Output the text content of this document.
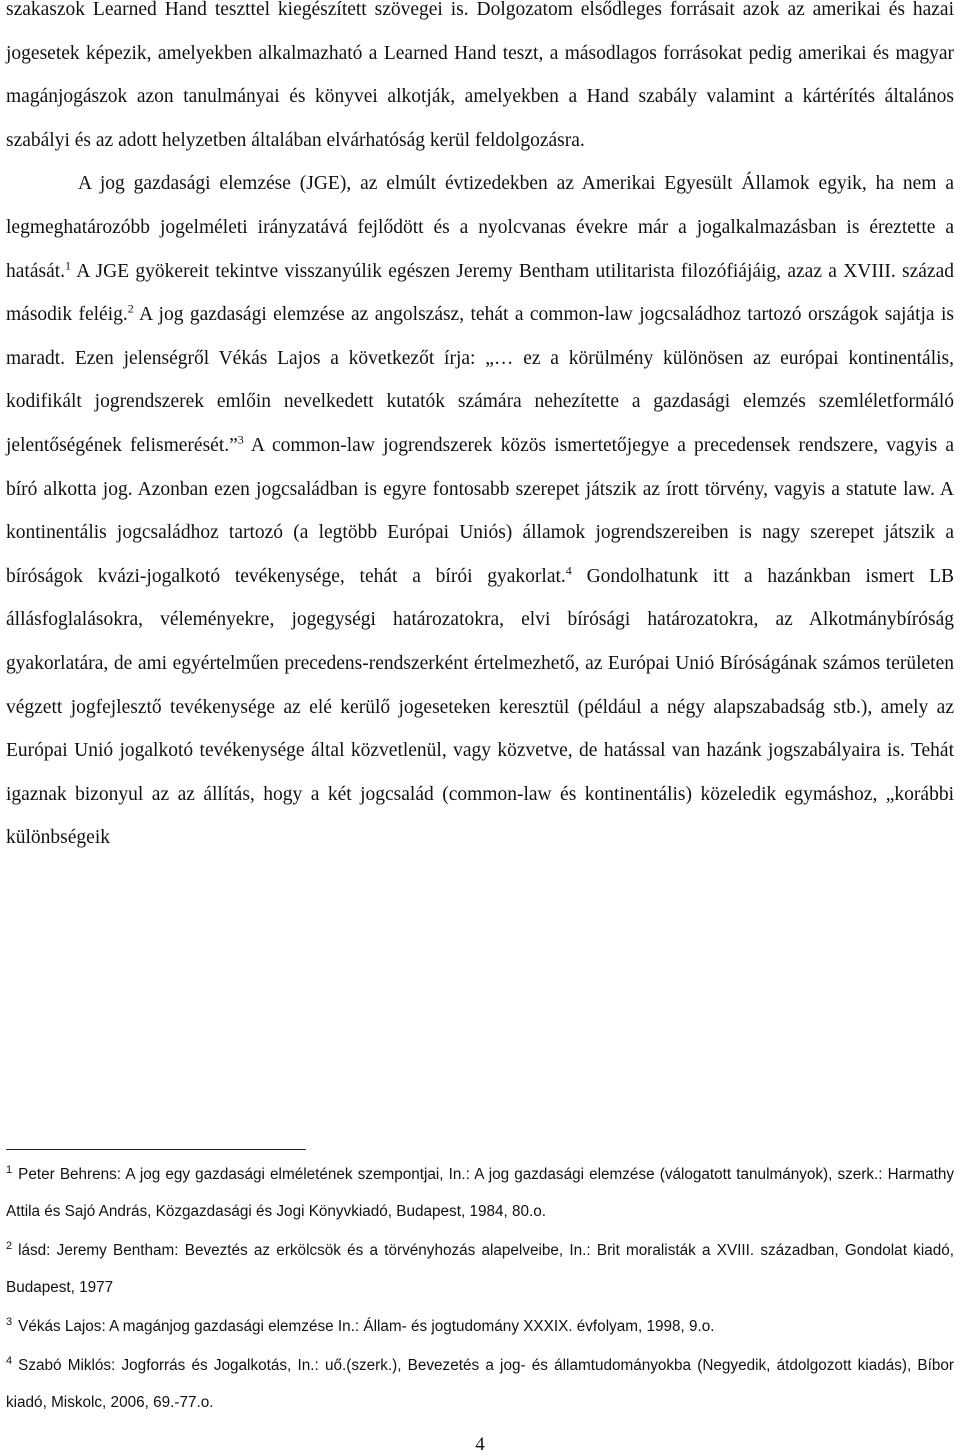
szakaszok Learned Hand teszttel kiegészített szövegei is. Dolgozatom elsődleges forrásait azok az amerikai és hazai jogesetek képezik, amelyekben alkalmazható a Learned Hand teszt, a másodlagos forrásokat pedig amerikai és magyar magánjogászok azon tanulmányai és könyvei alkotják, amelyekben a Hand szabály valamint a kártérítés általános szabályi és az adott helyzetben általában elvárhatóság kerül feldolgozásra.

A jog gazdasági elemzése (JGE), az elmúlt évtizedekben az Amerikai Egyesült Államok egyik, ha nem a legmeghatározóbb jogelméleti irányzatává fejlődött és a nyolcvanas évekre már a jogalkalmazásban is éreztette a hatását.$^1$ A JGE gyökereit tekintve visszanyúlik egészen Jeremy Bentham utilitarista filozófiájáig, azaz a XVIII. század második feléig.$^2$ A jog gazdasági elemzése az angolszász, tehát a common-law jogcsaládhoz tartozó országok sajátja is maradt. Ezen jelenségről Vékás Lajos a következőt írja: „… ez a körülmény különösen az európai kontinentális, kodifikált jogrendszerek emlőin nevelkedett kutatók számára nehezítette a gazdasági elemzés szemléletformáló jelentőségének felismerését.”$^3$ A common-law jogrendszerek közös ismertetőjegye a precedensek rendszere, vagyis a bíró alkotta jog. Azonban ezen jogcsaládban is egyre fontosabb szerepet játszik az írott törvény, vagyis a statute law. A kontinentális jogcsaládhoz tartozó (a legtöbb Európai Uniós) államok jogrendszereiben is nagy szerepet játszik a bíróságok kvázi-jogalkotó tevékenysége, tehát a bírói gyakorlat.$^4$ Gondolhatunk itt a hazánkban ismert LB állásfoglalásokra, véleményekre, jogegységi határozatokra, elvi bírósági határozatokra, az Alkotmánybíróság gyakorlatára, de ami egyértelműen precedens-rendszerként értelmezhető, az Európai Unió Bíróságának számos területen végzett jogfejlesztő tevékenysége az elé kerülő jogeseteken keresztül (például a négy alapszabadság stb.), amely az Európai Unió jogalkotó tevékenysége által közvetlenül, vagy közvetve, de hatással van hazánk jogszabályaira is. Tehát igaznak bizonyul az az állítás, hogy a két jogcsalád (common-law és kontinentális) közeledik egymáshoz, „korábbi különbségeik

$^1$ Peter Behrens: A jog egy gazdasági elméletének szempontjai, In.: A jog gazdasági elemzése (válogatott tanulmányok), szerk.: Harmathy Attila és Sajó András, Közgazdasági és Jogi Könyvkiadó, Budapest, 1984, 80.o.
$^2$ lásd: Jeremy Bentham: Beveztés az erkölcsök és a törvényhozás alapelveibe, In.: Brit moralisták a XVIII. században, Gondolat kiadó, Budapest, 1977
$^3$ Vékás Lajos: A magánjog gazdasági elemzése In.: Állam- és jogtudomány XXXIX. évfolyam, 1998, 9.o.
$^4$ Szabó Miklós: Jogforrás és Jogalkotás, In.: uő.(szerk.), Bevezetés a jog- és államtudományokba (Negyedik, átdolgozott kiadás), Bíbor kiadó, Miskolc, 2006, 69.-77.o.
4
